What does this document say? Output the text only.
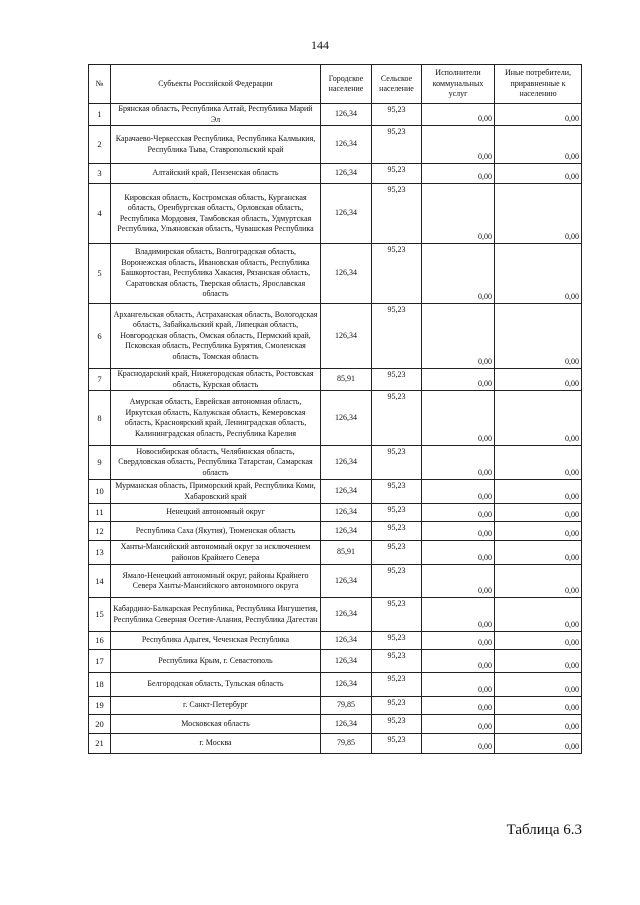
144
№	Субъекты Российской Федерации	Городское население	Сельское население	Исполнители коммунальных услуг	Иные потребители, приравненные к населению
1	Брянская область, Республика Алтай, Республика Марий Эл	126,34	95,23	0,00	0,00
2	Карачаево-Черкесская Республика, Республика Калмыкия, Республика Тыва, Ставропольский край	126,34	95,23	0,00	0,00
3	Алтайский край, Пензенская область	126,34	95,23	0,00	0,00
4	Кировская область, Костромская область, Курганская область, Оренбургская область, Орловская область, Республика Мордовия, Тамбовская область, Удмуртская Республика, Ульяновская область, Чувашская Республика	126,34	95,23	0,00	0,00
5	Владимирская область, Волгоградская область, Воронежская область, Ивановская область, Республика Башкортостан, Республика Хакасия, Рязанская область, Саратовская область, Тверская область, Ярославская область	126,34	95,23	0,00	0,00
6	Архангельская область, Астраханская область, Вологодская область, Забайкальский край, Липецкая область, Новгородская область, Омская область, Пермский край, Псковская область, Республика Бурятия, Смоленская область, Томская область	126,34	95,23	0,00	0,00
7	Краснодарский край, Нижегородская область, Ростовская область, Курская область	85,91	95,23	0,00	0,00
8	Амурская область, Еврейская автономная область, Иркутская область, Калужская область, Кемеровская область, Красноярский край, Ленинградская область, Калининградская область, Республика Карелия	126,34	95,23	0,00	0,00
9	Новосибирская область, Челябинская область, Свердловская область, Республика Татарстан, Самарская область	126,34	95,23	0,00	0,00
10	Мурманская область, Приморский край, Республика Коми, Хабаровский край	126,34	95,23	0,00	0,00
11	Ненецкий автономный округ	126,34	95,23	0,00	0,00
12	Республика Саха (Якутия), Тюменская область	126,34	95,23	0,00	0,00
13	Ханты-Мансийский автономный округ за исключением районов Крайнего Севера	85,91	95,23	0,00	0,00
14	Ямало-Ненецкий автономный округ, районы Крайнего Севера Ханты-Мансийского автономного округа	126,34	95,23	0,00	0,00
15	Кабардино-Балкарская Республика, Республика Ингушетия, Республика Северная Осетия-Алания, Республика Дагестан	126,34	95,23	0,00	0,00
16	Республика Адыгея, Чеченская Республика	126,34	95,23	0,00	0,00
17	Республика Крым, г. Севастополь	126,34	95,23	0,00	0,00
18	Белгородская область, Тульская область	126,34	95,23	0,00	0,00
19	г. Санкт-Петербург	79,85	95,23	0,00	0,00
20	Московская область	126,34	95,23	0,00	0,00
21	г. Москва	79,85	95,23	0,00	0,00
Таблица 6.3
